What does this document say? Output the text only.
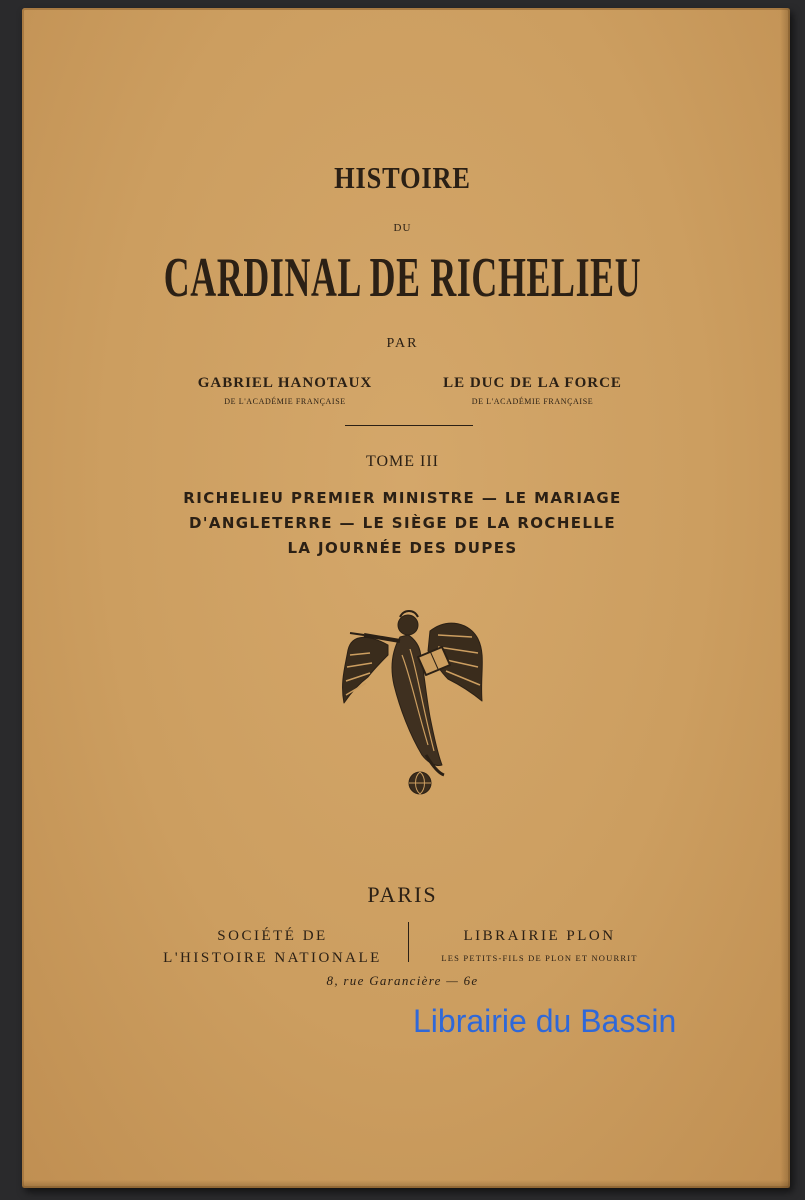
HISTOIRE
DU
CARDINAL DE RICHELIEU
PAR
GABRIEL HANOTAUX
DE L'ACADÉMIE FRANÇAISE
LE DUC DE LA FORCE
DE L'ACADÉMIE FRANÇAISE
TOME III
RICHELIEU PREMIER MINISTRE — LE MARIAGE
D'ANGLETERRE — LE SIÈGE DE LA ROCHELLE
LA JOURNÉE DES DUPES
PARIS
SOCIÉTÉ DE
L'HISTOIRE NATIONALE
LIBRAIRIE PLON
LES PETITS-FILS DE PLON ET NOURRIT
8, rue Garancière — 6e
Librairie du Bassin
